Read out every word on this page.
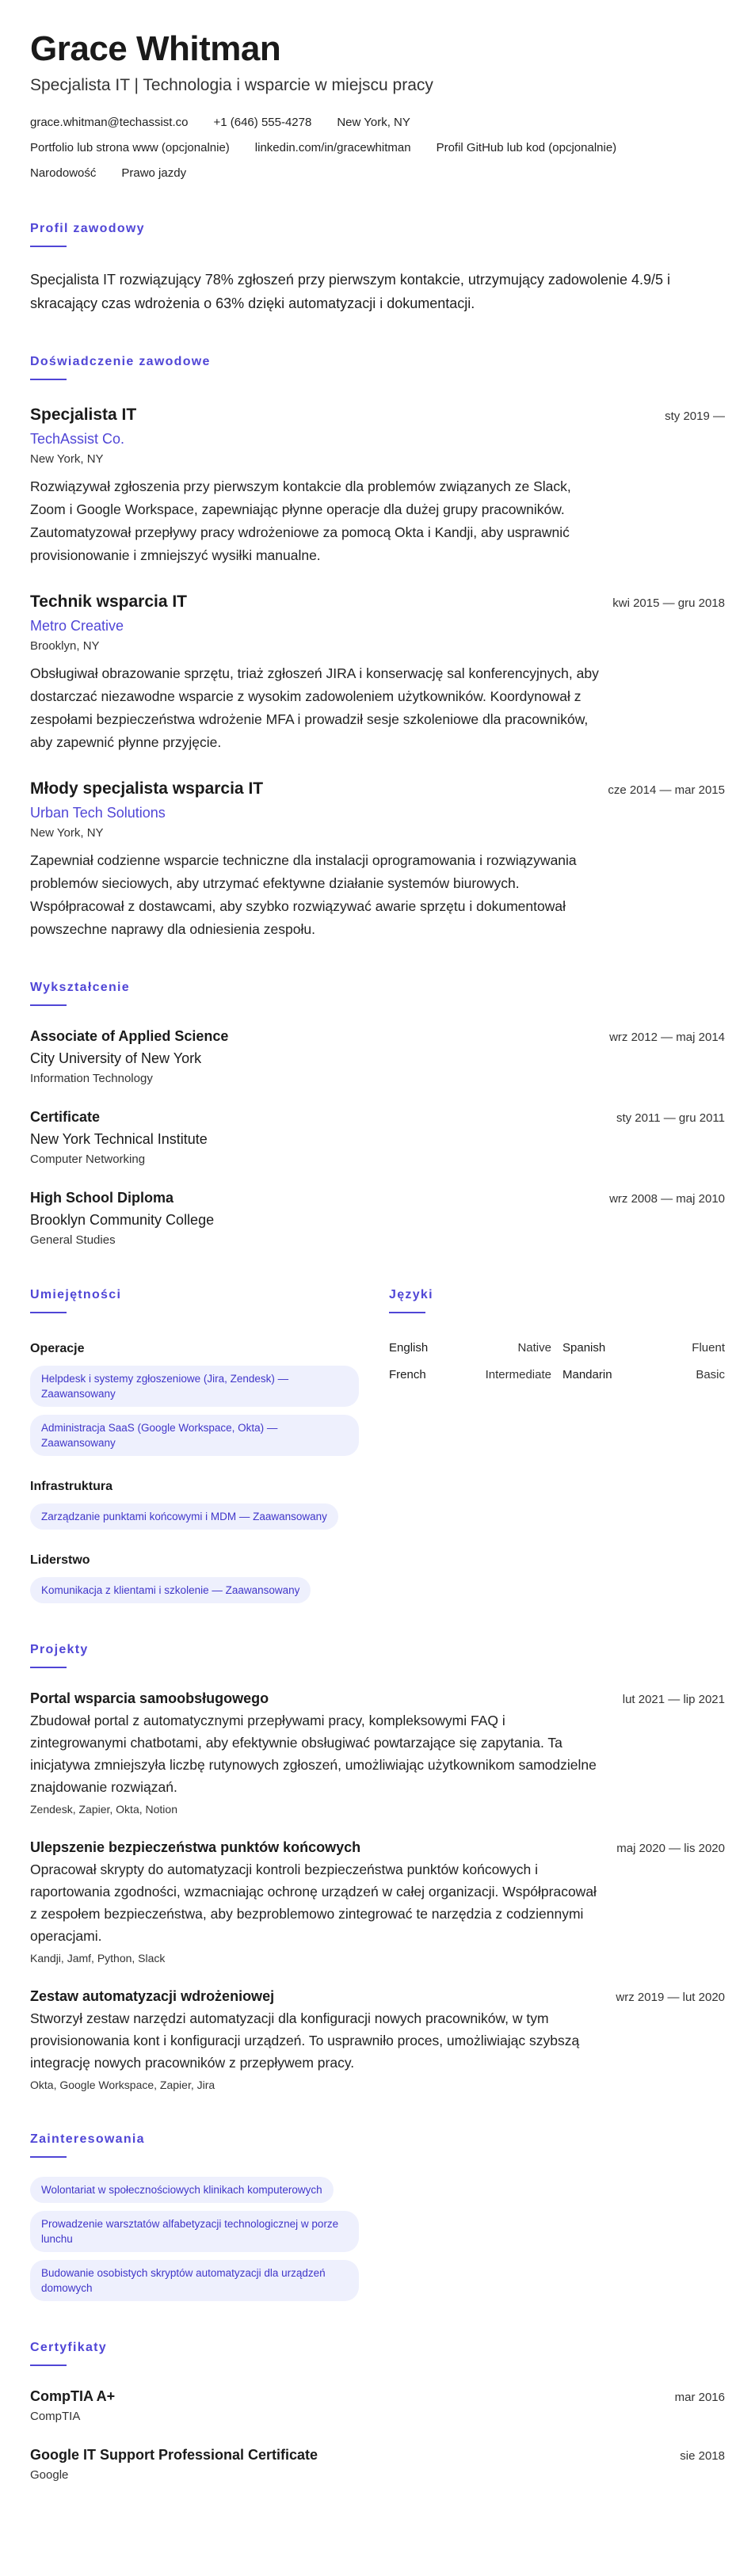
Grace Whitman
Specjalista IT | Technologia i wsparcie w miejscu pracy
grace.whitman@techassist.co +1 (646) 555-4278 New York, NY
Portfolio lub strona www (opcjonalnie) linkedin.com/in/gracewhitman Profil GitHub lub kod (opcjonalnie)
Narodowość Prawo jazdy
Profil zawodowy

Specjalista IT rozwiązujący 78% zgłoszeń przy pierwszym kontakcie, utrzymujący zadowolenie 4.9/5 i skracający czas wdrożenia o 63% dzięki automatyzacji i dokumentacji.

Doświadczenie zawodowe
Specjalista IT	sty 2019 —
TechAssist Co.
New York, NY

Rozwiązywał zgłoszenia przy pierwszym kontakcie dla problemów związanych ze Slack, Zoom i Google Workspace, zapewniając płynne operacje dla dużej grupy pracowników. Zautomatyzował przepływy pracy wdrożeniowe za pomocą Okta i Kandji, aby usprawnić provisionowanie i zmniejszyć wysiłki manualne.

Technik wsparcia IT	kwi 2015 — gru 2018
Metro Creative
Brooklyn, NY

Obsługiwał obrazowanie sprzętu, triaż zgłoszeń JIRA i konserwację sal konferencyjnych, aby dostarczać niezawodne wsparcie z wysokim zadowoleniem użytkowników. Koordynował z zespołami bezpieczeństwa wdrożenie MFA i prowadził sesje szkoleniowe dla pracowników, aby zapewnić płynne przyjęcie.

Młody specjalista wsparcia IT	cze 2014 — mar 2015
Urban Tech Solutions
New York, NY

Zapewniał codzienne wsparcie techniczne dla instalacji oprogramowania i rozwiązywania problemów sieciowych, aby utrzymać efektywne działanie systemów biurowych. Współpracował z dostawcami, aby szybko rozwiązywać awarie sprzętu i dokumentował powszechne naprawy dla odniesienia zespołu.

Wykształcenie
Associate of Applied Science	wrz 2012 — maj 2014
City University of New York
Information Technology
Certificate	sty 2011 — gru 2011
New York Technical Institute
Computer Networking
High School Diploma	wrz 2008 — maj 2010
Brooklyn Community College
General Studies
Umiejętności
Operacje
Helpdesk i systemy zgłoszeniowe (Jira, Zendesk) — Zaawansowany
Administracja SaaS (Google Workspace, Okta) — Zaawansowany
Infrastruktura
Zarządzanie punktami końcowymi i MDM — Zaawansowany
Liderstwo
Komunikacja z klientami i szkolenie — Zaawansowany
Języki
English	Native Spanish	Fluent
French	Intermediate Mandarin	Basic
Projekty
Portal wsparcia samoobsługowego	lut 2021 — lip 2021

Zbudował portal z automatycznymi przepływami pracy, kompleksowymi FAQ i zintegrowanymi chatbotami, aby efektywnie obsługiwać powtarzające się zapytania. Ta inicjatywa zmniejszyła liczbę rutynowych zgłoszeń, umożliwiając użytkownikom samodzielne znajdowanie rozwiązań.

Zendesk, Zapier, Okta, Notion
Ulepszenie bezpieczeństwa punktów końcowych	maj 2020 — lis 2020

Opracował skrypty do automatyzacji kontroli bezpieczeństwa punktów końcowych i raportowania zgodności, wzmacniając ochronę urządzeń w całej organizacji. Współpracował z zespołem bezpieczeństwa, aby bezproblemowo zintegrować te narzędzia z codziennymi operacjami.

Kandji, Jamf, Python, Slack
Zestaw automatyzacji wdrożeniowej	wrz 2019 — lut 2020

Stworzył zestaw narzędzi automatyzacji dla konfiguracji nowych pracowników, w tym provisionowania kont i konfiguracji urządzeń. To usprawniło proces, umożliwiając szybszą integrację nowych pracowników z przepływem pracy.

Okta, Google Workspace, Zapier, Jira
Zainteresowania
Wolontariat w społecznościowych klinikach komputerowych
Prowadzenie warsztatów alfabetyzacji technologicznej w porze lunchu
Budowanie osobistych skryptów automatyzacji dla urządzeń domowych
Certyfikaty
CompTIA A+	mar 2016
CompTIA
Google IT Support Professional Certificate	sie 2018
Google
